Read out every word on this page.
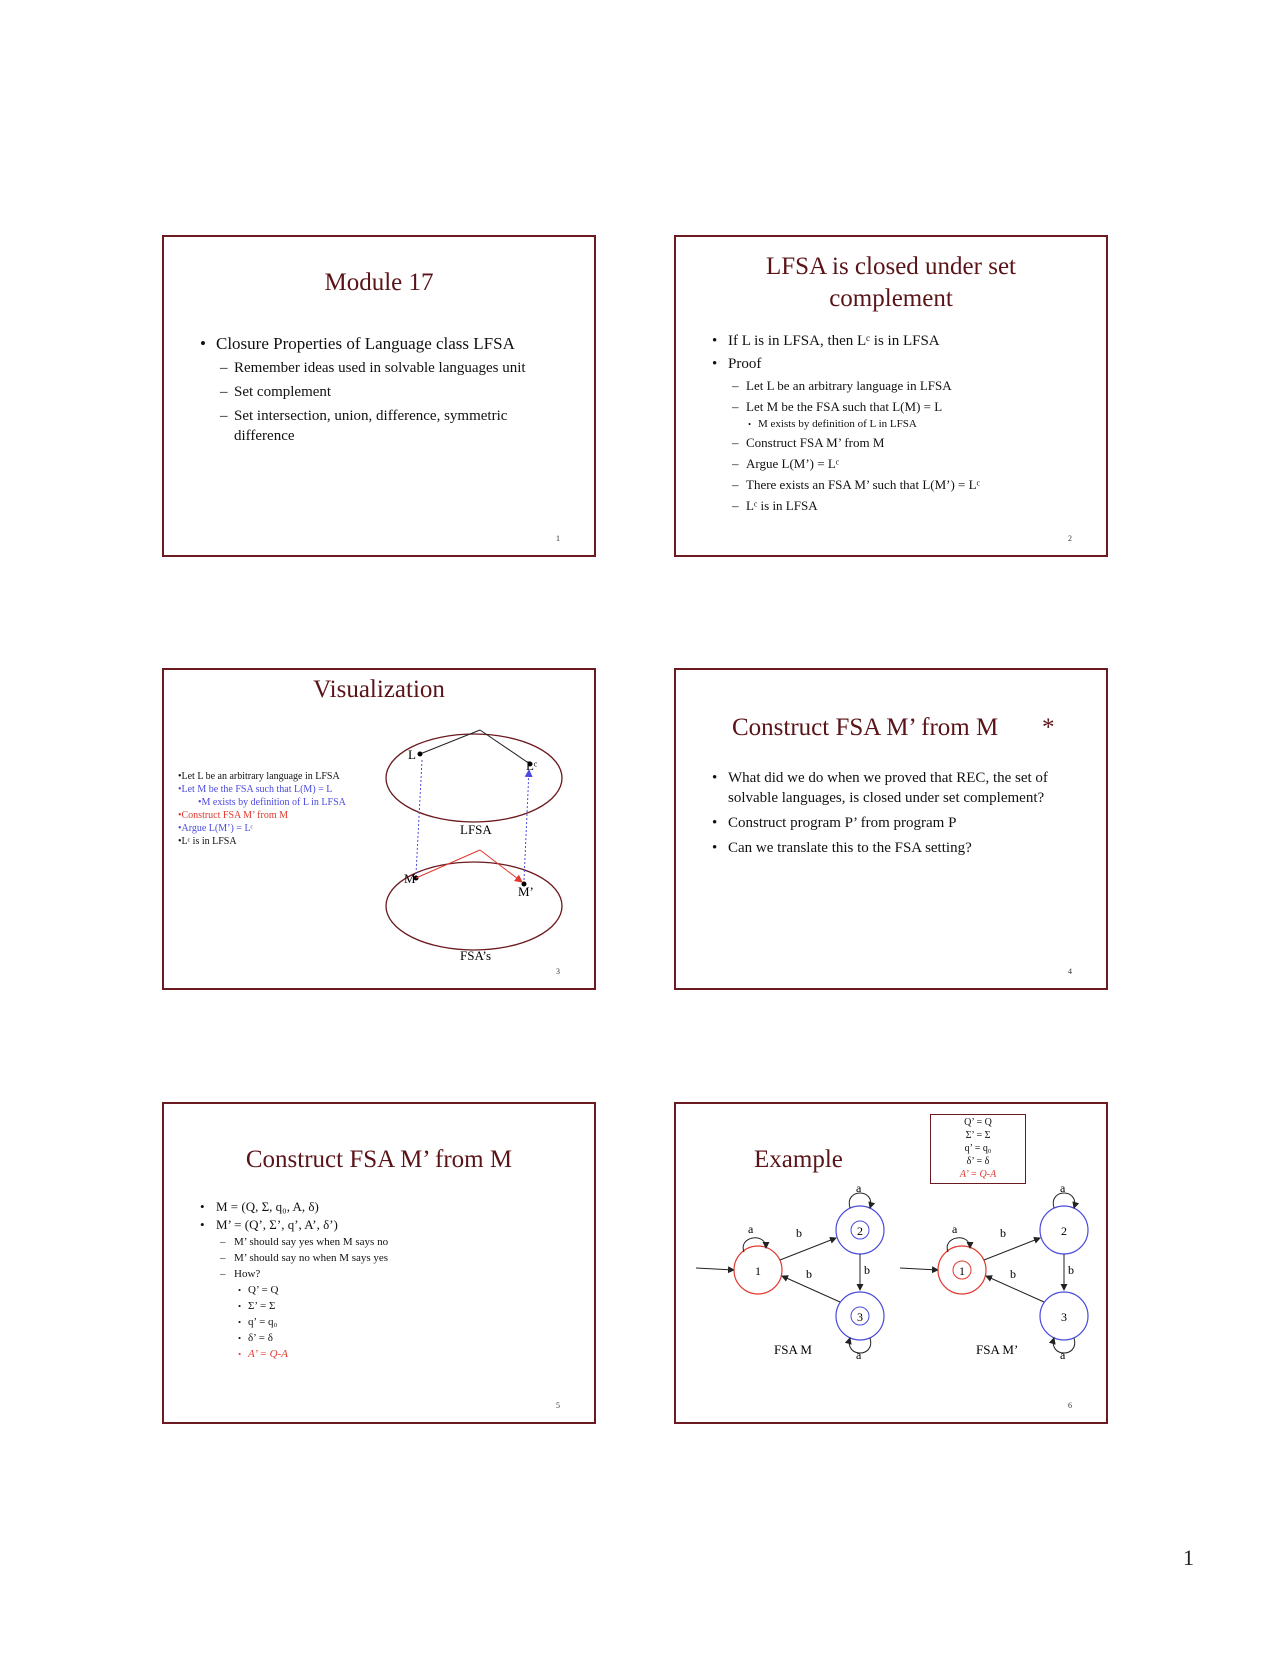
Module 17
• Closure Properties of Language class LFSA
– Remember ideas used in solvable languages unit
– Set complement
– Set intersection, union, difference, symmetric difference
1
LFSA is closed under set complement
• If L is in LFSA, then Lᶜ is in LFSA
• Proof
– Let L be an arbitrary language in LFSA
– Let M be the FSA such that L(M) = L
• M exists by definition of L in LFSA
– Construct FSA M’ from M
– Argue L(M’) = Lᶜ
– There exists an FSA M’ such that L(M’) = Lᶜ
– Lᶜ is in LFSA
2
Visualization
•Let L be an arbitrary language in LFSA
•Let M be the FSA such that L(M) = L
•M exists by definition of L in LFSA
•Construct FSA M’ from M
•Argue L(M’) = Lᶜ
•Lᶜ is in LFSA
L
Lᶜ
LFSA
M
M’
FSA’s
3
Construct FSA M’ from M *
• What did we do when we proved that REC, the set of solvable languages, is closed under set complement?
• Construct program P’ from program P
• Can we translate this to the FSA setting?
4
Construct FSA M’ from M
• M = (Q, Σ, q₀, A, δ)
• M’ = (Q’, Σ’, q’, A’, δ’)
– M’ should say yes when M says no
– M’ should say no when M says yes
– How?
• Q’ = Q
• Σ’ = Σ
• q’ = q₀
• δ’ = δ
• A’ = Q-A
5
Example
Q’ = Q
Σ’ = Σ
q’ = q₀
δ’ = δ
A’ = Q-A
a
1
a
2
a
3
b
b
b
FSA M
a
1
a
2
a
3
b
b
b
FSA M’
6
1
